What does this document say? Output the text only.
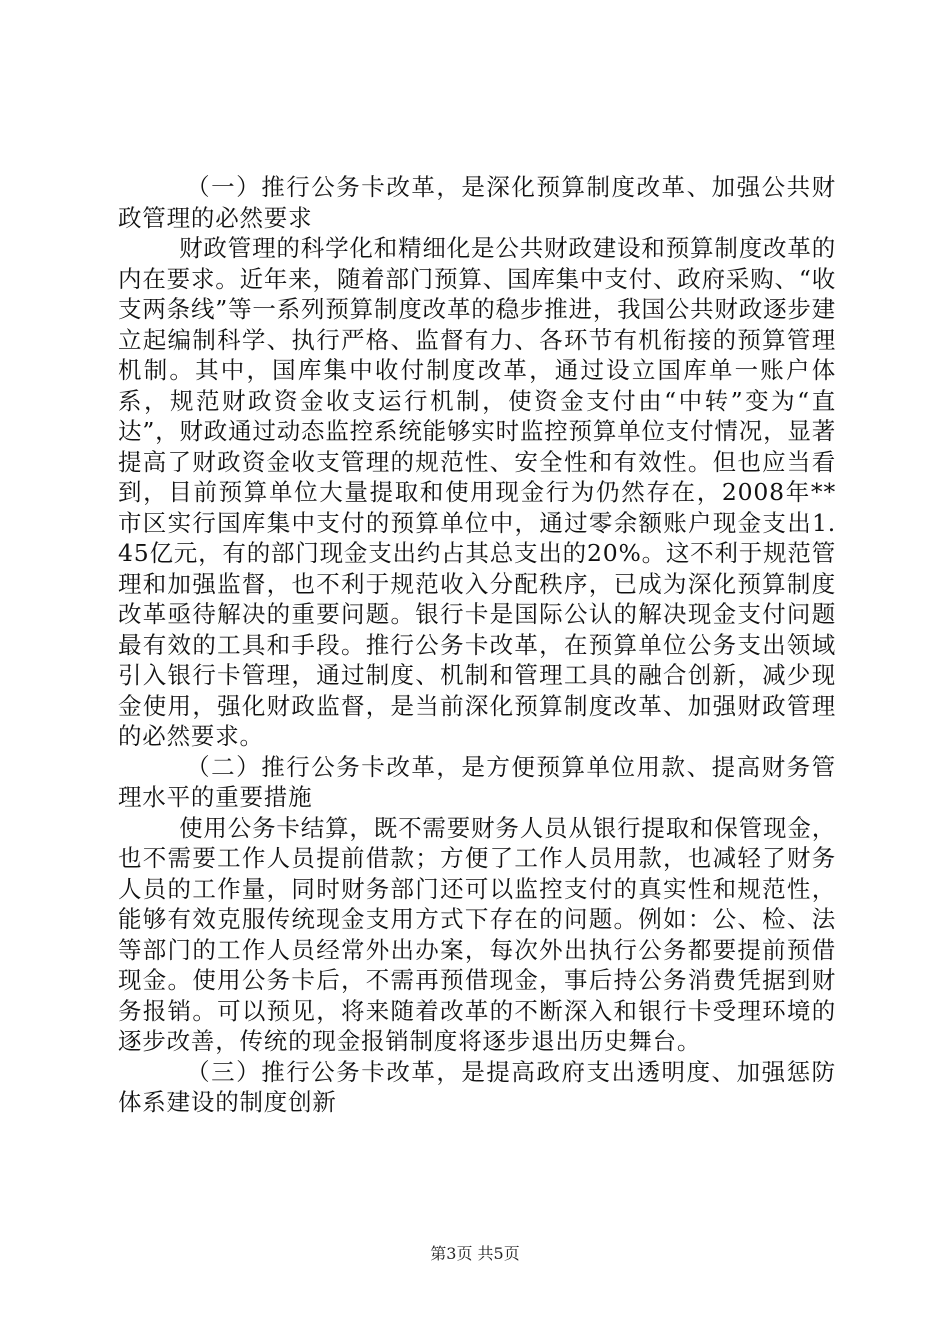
（一）推行公务卡改革，是深化预算制度改革、加强公共财政管理的必然要求

财政管理的科学化和精细化是公共财政建设和预算制度改革的内在要求。近年来，随着部门预算、国库集中支付、政府采购、“收支两条线”等一系列预算制度改革的稳步推进，我国公共财政逐步建立起编制科学、执行严格、监督有力、各环节有机衔接的预算管理机制。其中，国库集中收付制度改革，通过设立国库单一账户体系，规范财政资金收支运行机制，使资金支付由“中转”变为“直达”，财政通过动态监控系统能够实时监控预算单位支付情况，显著提高了财政资金收支管理的规范性、安全性和有效性。但也应当看到，目前预算单位大量提取和使用现金行为仍然存在，2008年**市区实行国库集中支付的预算单位中，通过零余额账户现金支出1.45亿元，有的部门现金支出约占其总支出的20%。这不利于规范管理和加强监督，也不利于规范收入分配秩序，已成为深化预算制度改革亟待解决的重要问题。银行卡是国际公认的解决现金支付问题最有效的工具和手段。推行公务卡改革，在预算单位公务支出领域引入银行卡管理，通过制度、机制和管理工具的融合创新，减少现金使用，强化财政监督，是当前深化预算制度改革、加强财政管理的必然要求。

（二）推行公务卡改革，是方便预算单位用款、提高财务管理水平的重要措施

使用公务卡结算，既不需要财务人员从银行提取和保管现金，也不需要工作人员提前借款；方便了工作人员用款，也减轻了财务人员的工作量，同时财务部门还可以监控支付的真实性和规范性，能够有效克服传统现金支用方式下存在的问题。例如：公、检、法等部门的工作人员经常外出办案，每次外出执行公务都要提前预借现金。使用公务卡后，不需再预借现金，事后持公务消费凭据到财务报销。可以预见，将来随着改革的不断深入和银行卡受理环境的逐步改善，传统的现金报销制度将逐步退出历史舞台。

（三）推行公务卡改革，是提高政府支出透明度、加强惩防体系建设的制度创新

第3页 共5页
